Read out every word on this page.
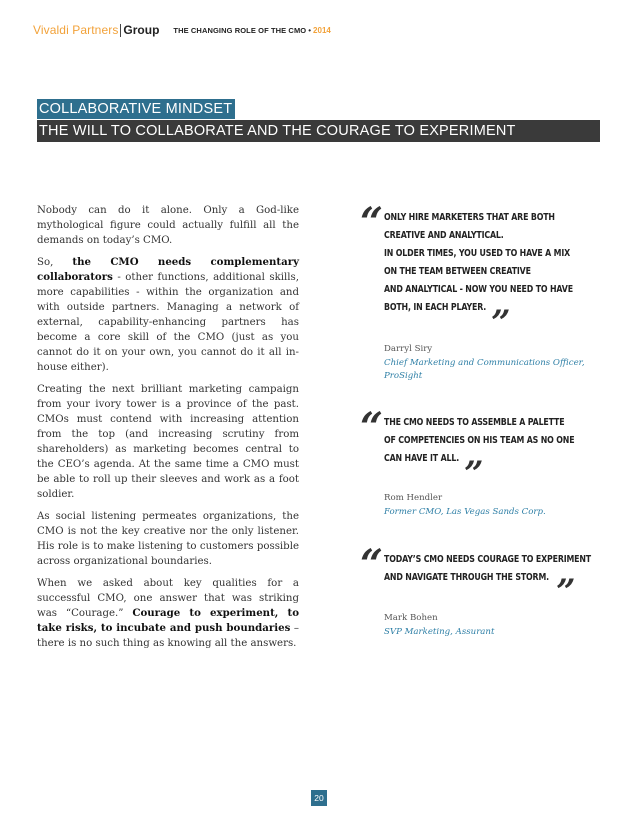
Vivaldi Partners Group THE CHANGING ROLE OF THE CMO • 2014
COLLABORATIVE MINDSET
THE WILL TO COLLABORATE AND THE COURAGE TO EXPERIMENT

Nobody can do it alone. Only a God-like mythological figure could actually fulfill all the demands on today’s CMO.

So, the CMO needs complementary collaborators - other functions, additional skills, more capabilities - within the organization and with outside partners. Managing a network of external, capability-enhancing partners has become a core skill of the CMO (just as you cannot do it on your own, you cannot do it all in-house either).

Creating the next brilliant marketing campaign from your ivory tower is a province of the past. CMOs must contend with increasing attention from the top (and increasing scrutiny from shareholders) as marketing becomes central to the CEO’s agenda. At the same time a CMO must be able to roll up their sleeves and work as a foot soldier.

As social listening permeates organizations, the CMO is not the key creative nor the only listener. His role is to make listening to customers possible across organizational boundaries.

When we asked about key qualities for a successful CMO, one answer that was striking was “Courage.” Courage to experiment, to take risks, to incubate and push boundaries – there is no such thing as knowing all the answers.

“ ONLY HIRE MARKETERS THAT ARE BOTH
CREATIVE AND ANALYTICAL.
IN OLDER TIMES, YOU USED TO HAVE A MIX
ON THE TEAM BETWEEN CREATIVE
AND ANALYTICAL - NOW YOU NEED TO HAVE
BOTH, IN EACH PLAYER. ”
Darryl Siry
Chief Marketing and Communications Officer,
ProSight
“ THE CMO NEEDS TO ASSEMBLE A PALETTE
OF COMPETENCIES ON HIS TEAM AS NO ONE
CAN HAVE IT ALL. ”
Rom Hendler
Former CMO, Las Vegas Sands Corp.
“ TODAY’S CMO NEEDS COURAGE TO EXPERIMENT
AND NAVIGATE THROUGH THE STORM. ”
Mark Bohen
SVP Marketing, Assurant
20
